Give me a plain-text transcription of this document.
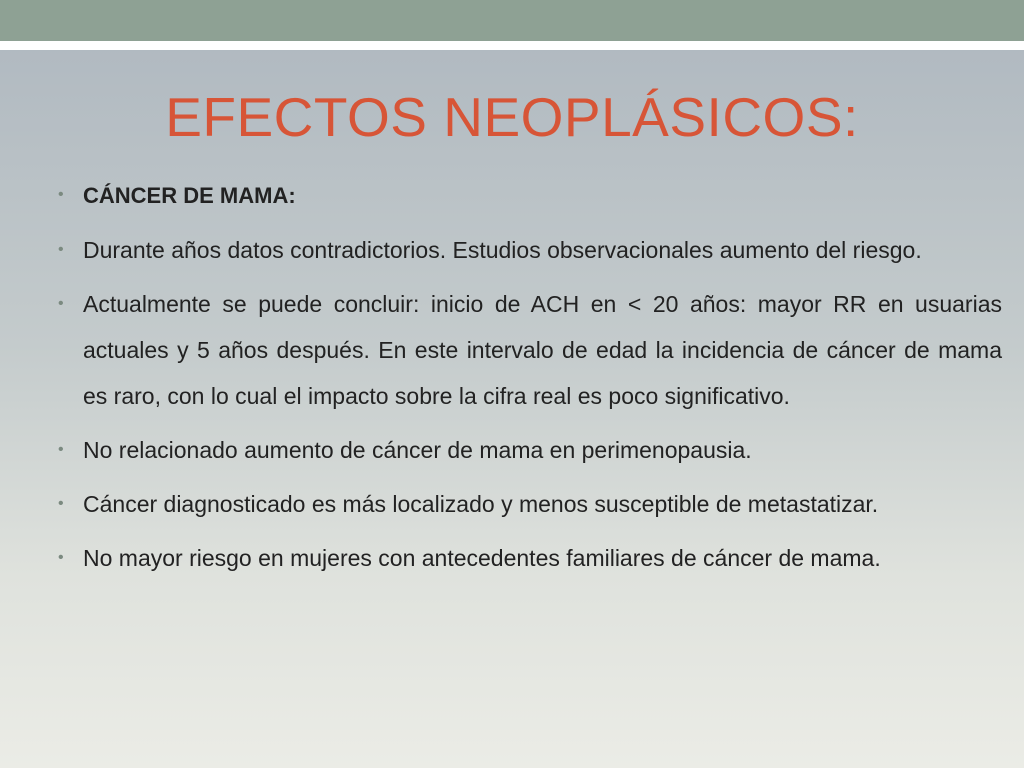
EFECTOS NEOPLÁSICOS:
• CÁNCER DE MAMA:
• Durante años datos contradictorios. Estudios observacionales aumento del riesgo.
• Actualmente se puede concluir: inicio de ACH en < 20 años: mayor RR en usuarias actuales y 5 años después. En este intervalo de edad la incidencia de cáncer de mama es raro, con lo cual el impacto sobre la cifra real es poco significativo.
• No relacionado aumento de cáncer de mama en perimenopausia.
• Cáncer diagnosticado es más localizado y menos susceptible de metastatizar.
• No mayor riesgo en mujeres con antecedentes familiares de cáncer de mama.
